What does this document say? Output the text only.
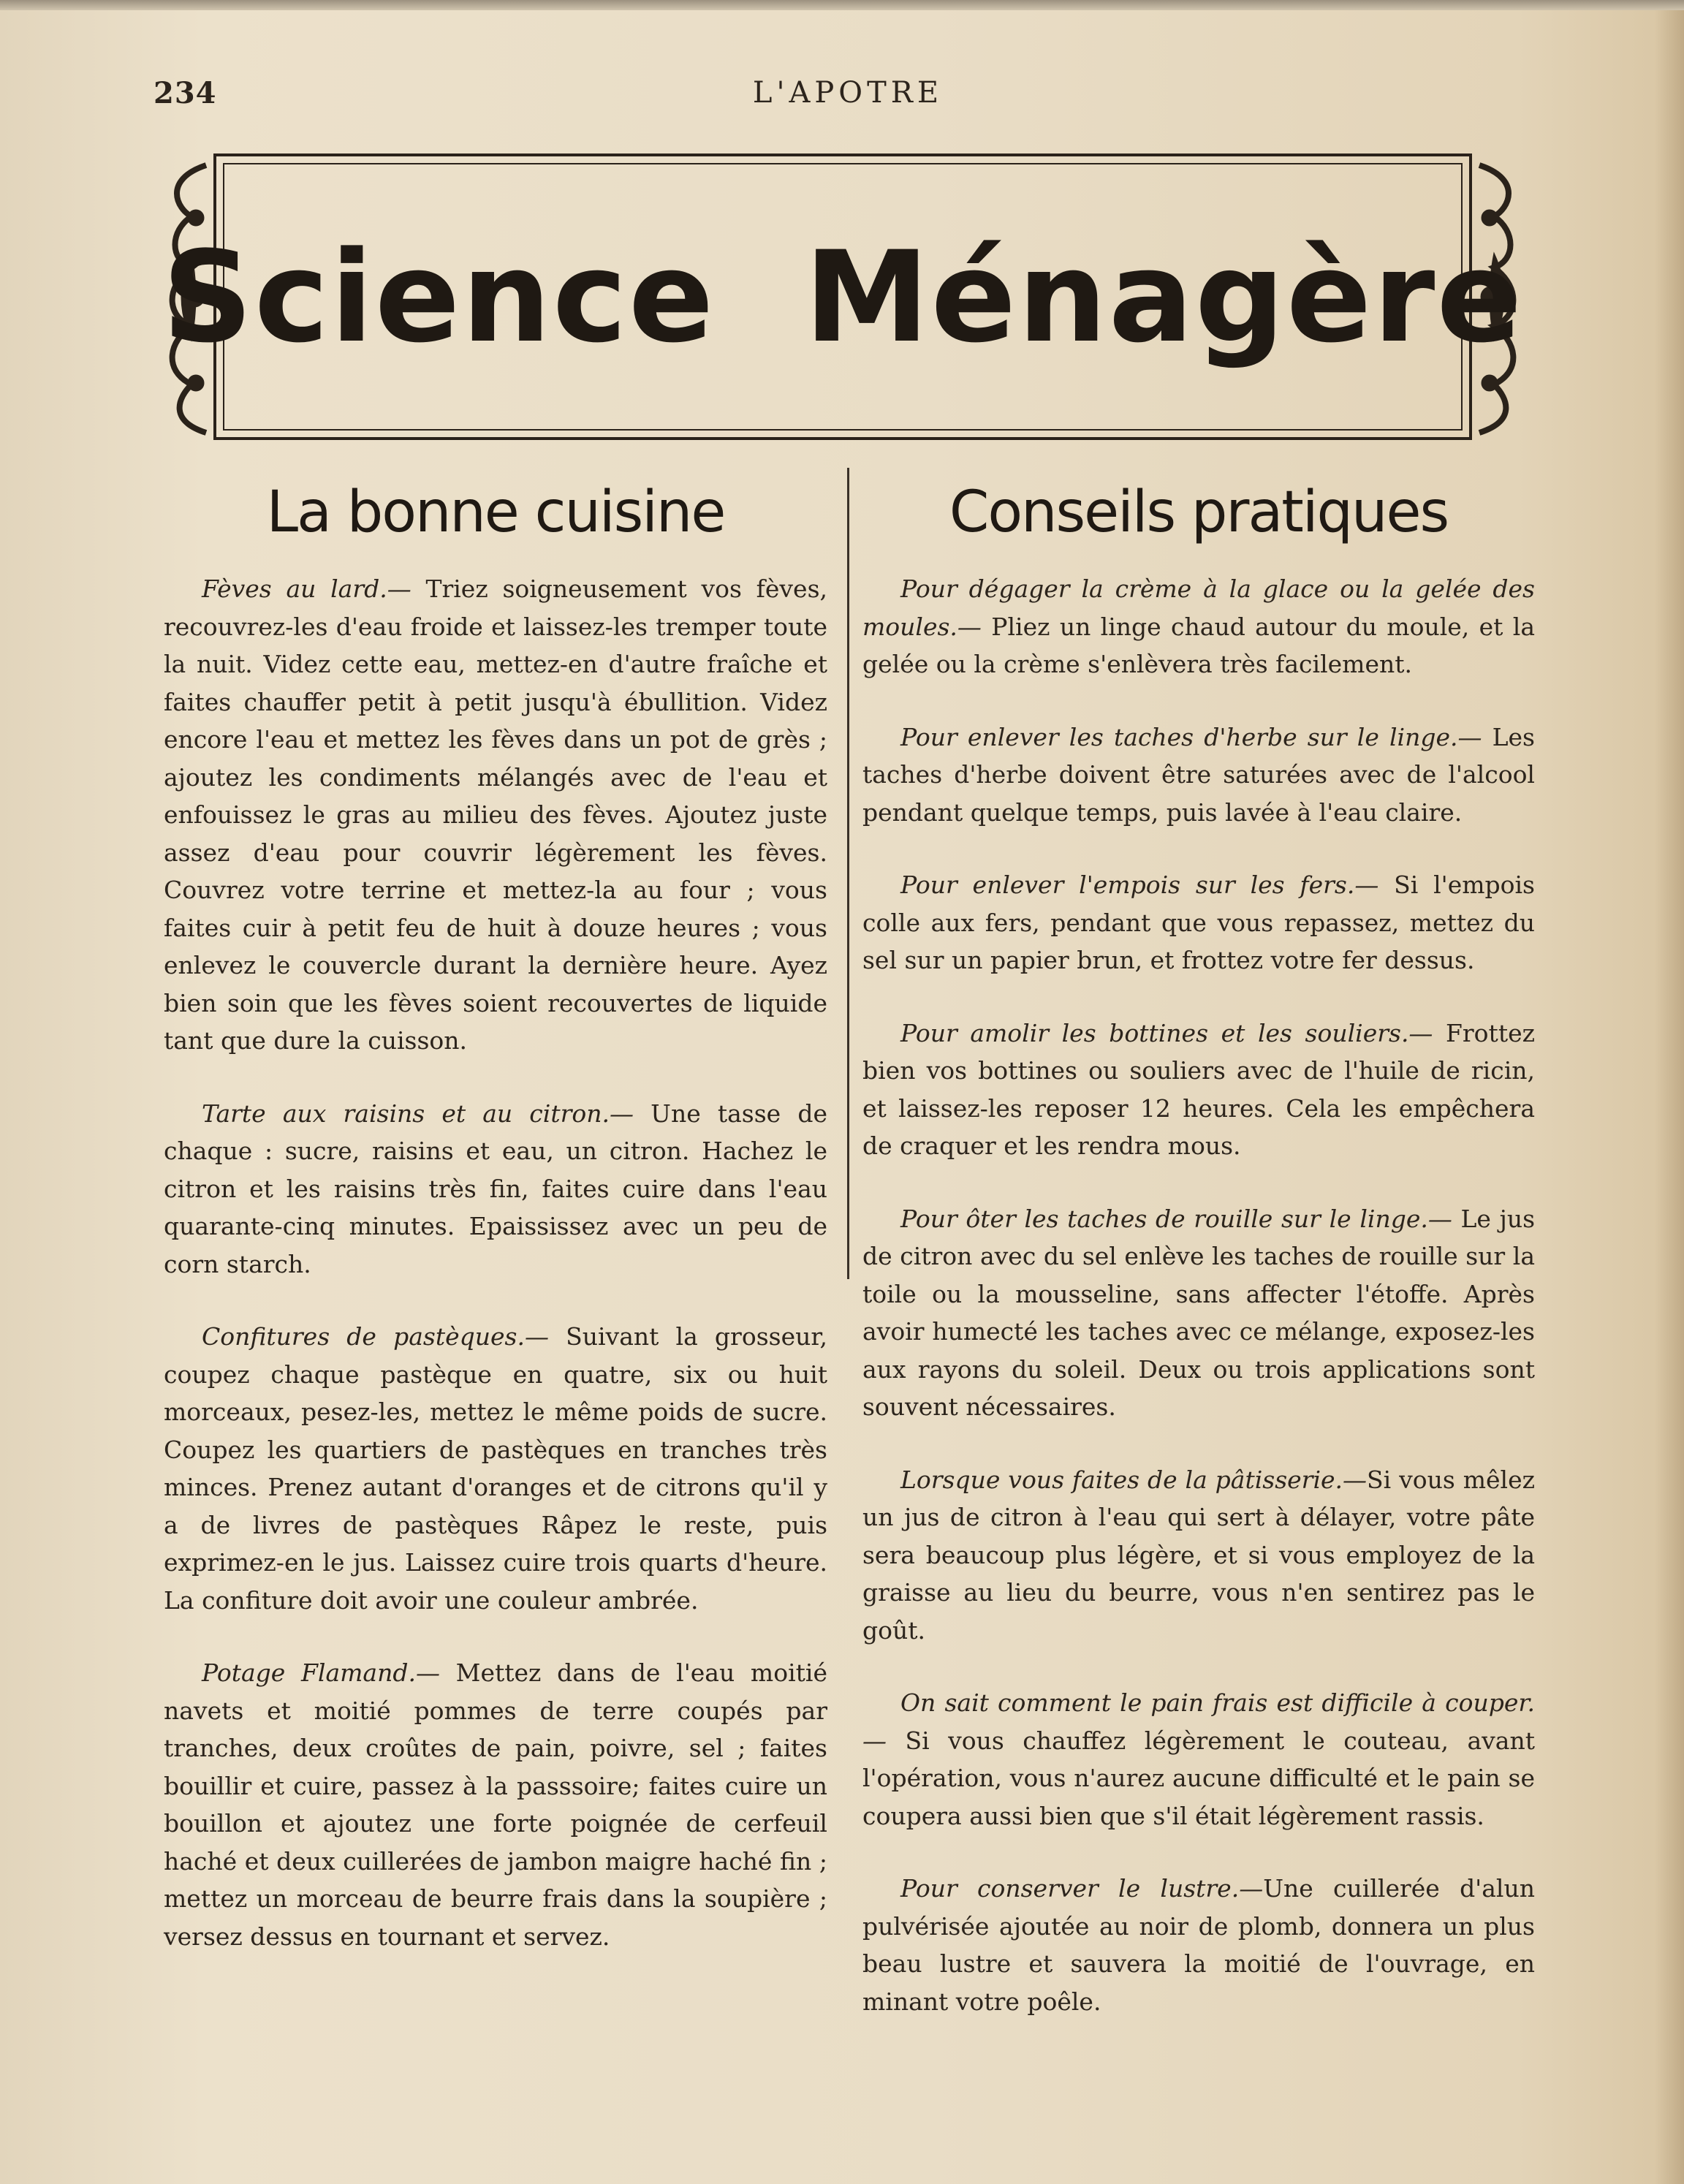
234	L'APOTRE
Science Ménagère
La bonne cuisine

Fèves au lard.— Triez soigneusement vos fèves, recouvrez-les d'eau froide et laissez-les tremper toute la nuit. Videz cette eau, mettez-en d'autre fraîche et faites chauffer petit à petit jusqu'à ébullition. Videz encore l'eau et mettez les fèves dans un pot de grès ; ajoutez les condiments mélangés avec de l'eau et enfouissez le gras au milieu des fèves. Ajoutez juste assez d'eau pour couvrir légèrement les fèves. Couvrez votre terrine et mettez-la au four ; vous faites cuir à petit feu de huit à douze heures ; vous enlevez le couvercle durant la dernière heure. Ayez bien soin que les fèves soient recouvertes de liquide tant que dure la cuisson.

Tarte aux raisins et au citron.— Une tasse de chaque : sucre, raisins et eau, un citron. Hachez le citron et les raisins très fin, faites cuire dans l'eau quarante-cinq minutes. Epaississez avec un peu de corn starch.

Confitures de pastèques.— Suivant la grosseur, coupez chaque pastèque en quatre, six ou huit morceaux, pesez-les, mettez le même poids de sucre. Coupez les quartiers de pastèques en tranches très minces. Prenez autant d'oranges et de citrons qu'il y a de livres de pastèques Râpez le reste, puis exprimez-en le jus. Laissez cuire trois quarts d'heure. La confiture doit avoir une couleur ambrée.

Potage Flamand.— Mettez dans de l'eau moitié navets et moitié pommes de terre coupés par tranches, deux croûtes de pain, poivre, sel ; faites bouillir et cuire, passez à la passsoire; faites cuire un bouillon et ajoutez une forte poignée de cerfeuil haché et deux cuillerées de jambon maigre haché fin ; mettez un morceau de beurre frais dans la soupière ; versez dessus en tournant et servez.

Conseils pratiques

Pour dégager la crème à la glace ou la gelée des moules.— Pliez un linge chaud autour du moule, et la gelée ou la crème s'enlèvera très facilement.

Pour enlever les taches d'herbe sur le linge.— Les taches d'herbe doivent être saturées avec de l'alcool pendant quelque temps, puis lavée à l'eau claire.

Pour enlever l'empois sur les fers.— Si l'empois colle aux fers, pendant que vous repassez, mettez du sel sur un papier brun, et frottez votre fer dessus.

Pour amolir les bottines et les souliers.— Frottez bien vos bottines ou souliers avec de l'huile de ricin, et laissez-les reposer 12 heures. Cela les empêchera de craquer et les rendra mous.

Pour ôter les taches de rouille sur le linge.— Le jus de citron avec du sel enlève les taches de rouille sur la toile ou la mousseline, sans affecter l'étoffe. Après avoir humecté les taches avec ce mélange, exposez-les aux rayons du soleil. Deux ou trois applications sont souvent nécessaires.

Lorsque vous faites de la pâtisserie.—Si vous mêlez un jus de citron à l'eau qui sert à délayer, votre pâte sera beaucoup plus légère, et si vous employez de la graisse au lieu du beurre, vous n'en sentirez pas le goût.

On sait comment le pain frais est difficile à couper.— Si vous chauffez légèrement le couteau, avant l'opération, vous n'aurez aucune difficulté et le pain se coupera aussi bien que s'il était légèrement rassis.

Pour conserver le lustre.—Une cuillerée d'alun pulvérisée ajoutée au noir de plomb, donnera un plus beau lustre et sauvera la moitié de l'ouvrage, en minant votre poêle.
